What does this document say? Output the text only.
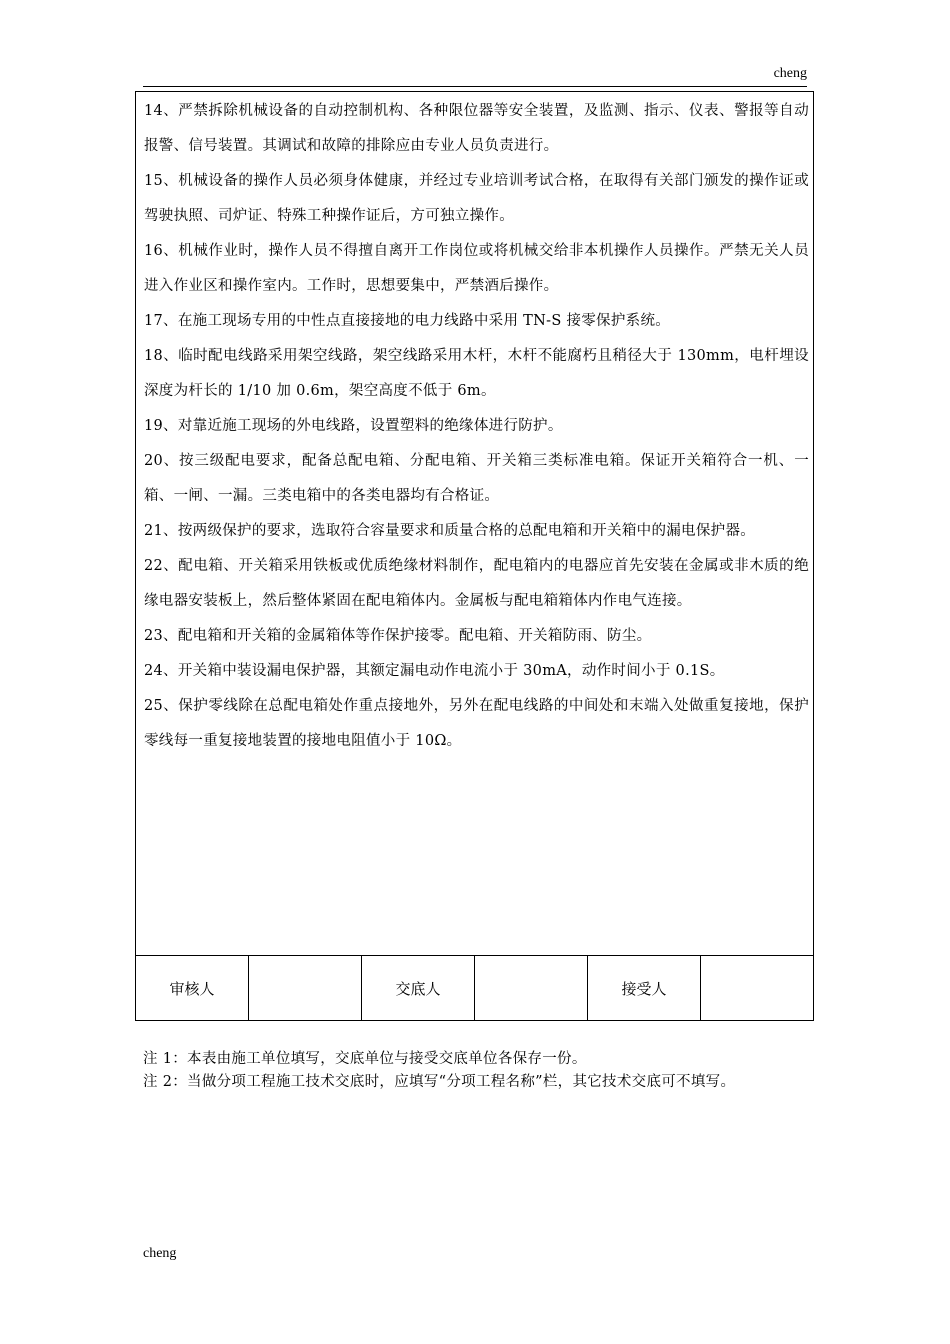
cheng

14、严禁拆除机械设备的自动控制机构、各种限位器等安全装置，及监测、指示、仪表、警报等自动报警、信号装置。其调试和故障的排除应由专业人员负责进行。

15、机械设备的操作人员必须身体健康，并经过专业培训考试合格，在取得有关部门颁发的操作证或驾驶执照、司炉证、特殊工种操作证后，方可独立操作。

16、机械作业时，操作人员不得擅自离开工作岗位或将机械交给非本机操作人员操作。严禁无关人员进入作业区和操作室内。工作时，思想要集中，严禁酒后操作。

17、在施工现场专用的中性点直接接地的电力线路中采用 TN-S 接零保护系统。

18、临时配电线路采用架空线路，架空线路采用木杆，木杆不能腐朽且稍径大于 130mm，电杆埋设深度为杆长的 1/10 加 0.6m，架空高度不低于 6m。

19、对靠近施工现场的外电线路，设置塑料的绝缘体进行防护。

20、按三级配电要求，配备总配电箱、分配电箱、开关箱三类标准电箱。保证开关箱符合一机、一箱、一闸、一漏。三类电箱中的各类电器均有合格证。

21、按两级保护的要求，选取符合容量要求和质量合格的总配电箱和开关箱中的漏电保护器。

22、配电箱、开关箱采用铁板或优质绝缘材料制作，配电箱内的电器应首先安装在金属或非木质的绝缘电器安装板上，然后整体紧固在配电箱体内。金属板与配电箱箱体内作电气连接。

23、配电箱和开关箱的金属箱体等作保护接零。配电箱、开关箱防雨、防尘。

24、开关箱中装设漏电保护器，其额定漏电动作电流小于 30mA，动作时间小于 0.1S。

25、保护零线除在总配电箱处作重点接地外，另外在配电线路的中间处和末端入处做重复接地，保护零线每一重复接地装置的接地电阻值小于 10Ω。

审核人	交底人	接受人

注 1：本表由施工单位填写，交底单位与接受交底单位各保存一份。

注 2：当做分项工程施工技术交底时，应填写“分项工程名称”栏，其它技术交底可不填写。

cheng
